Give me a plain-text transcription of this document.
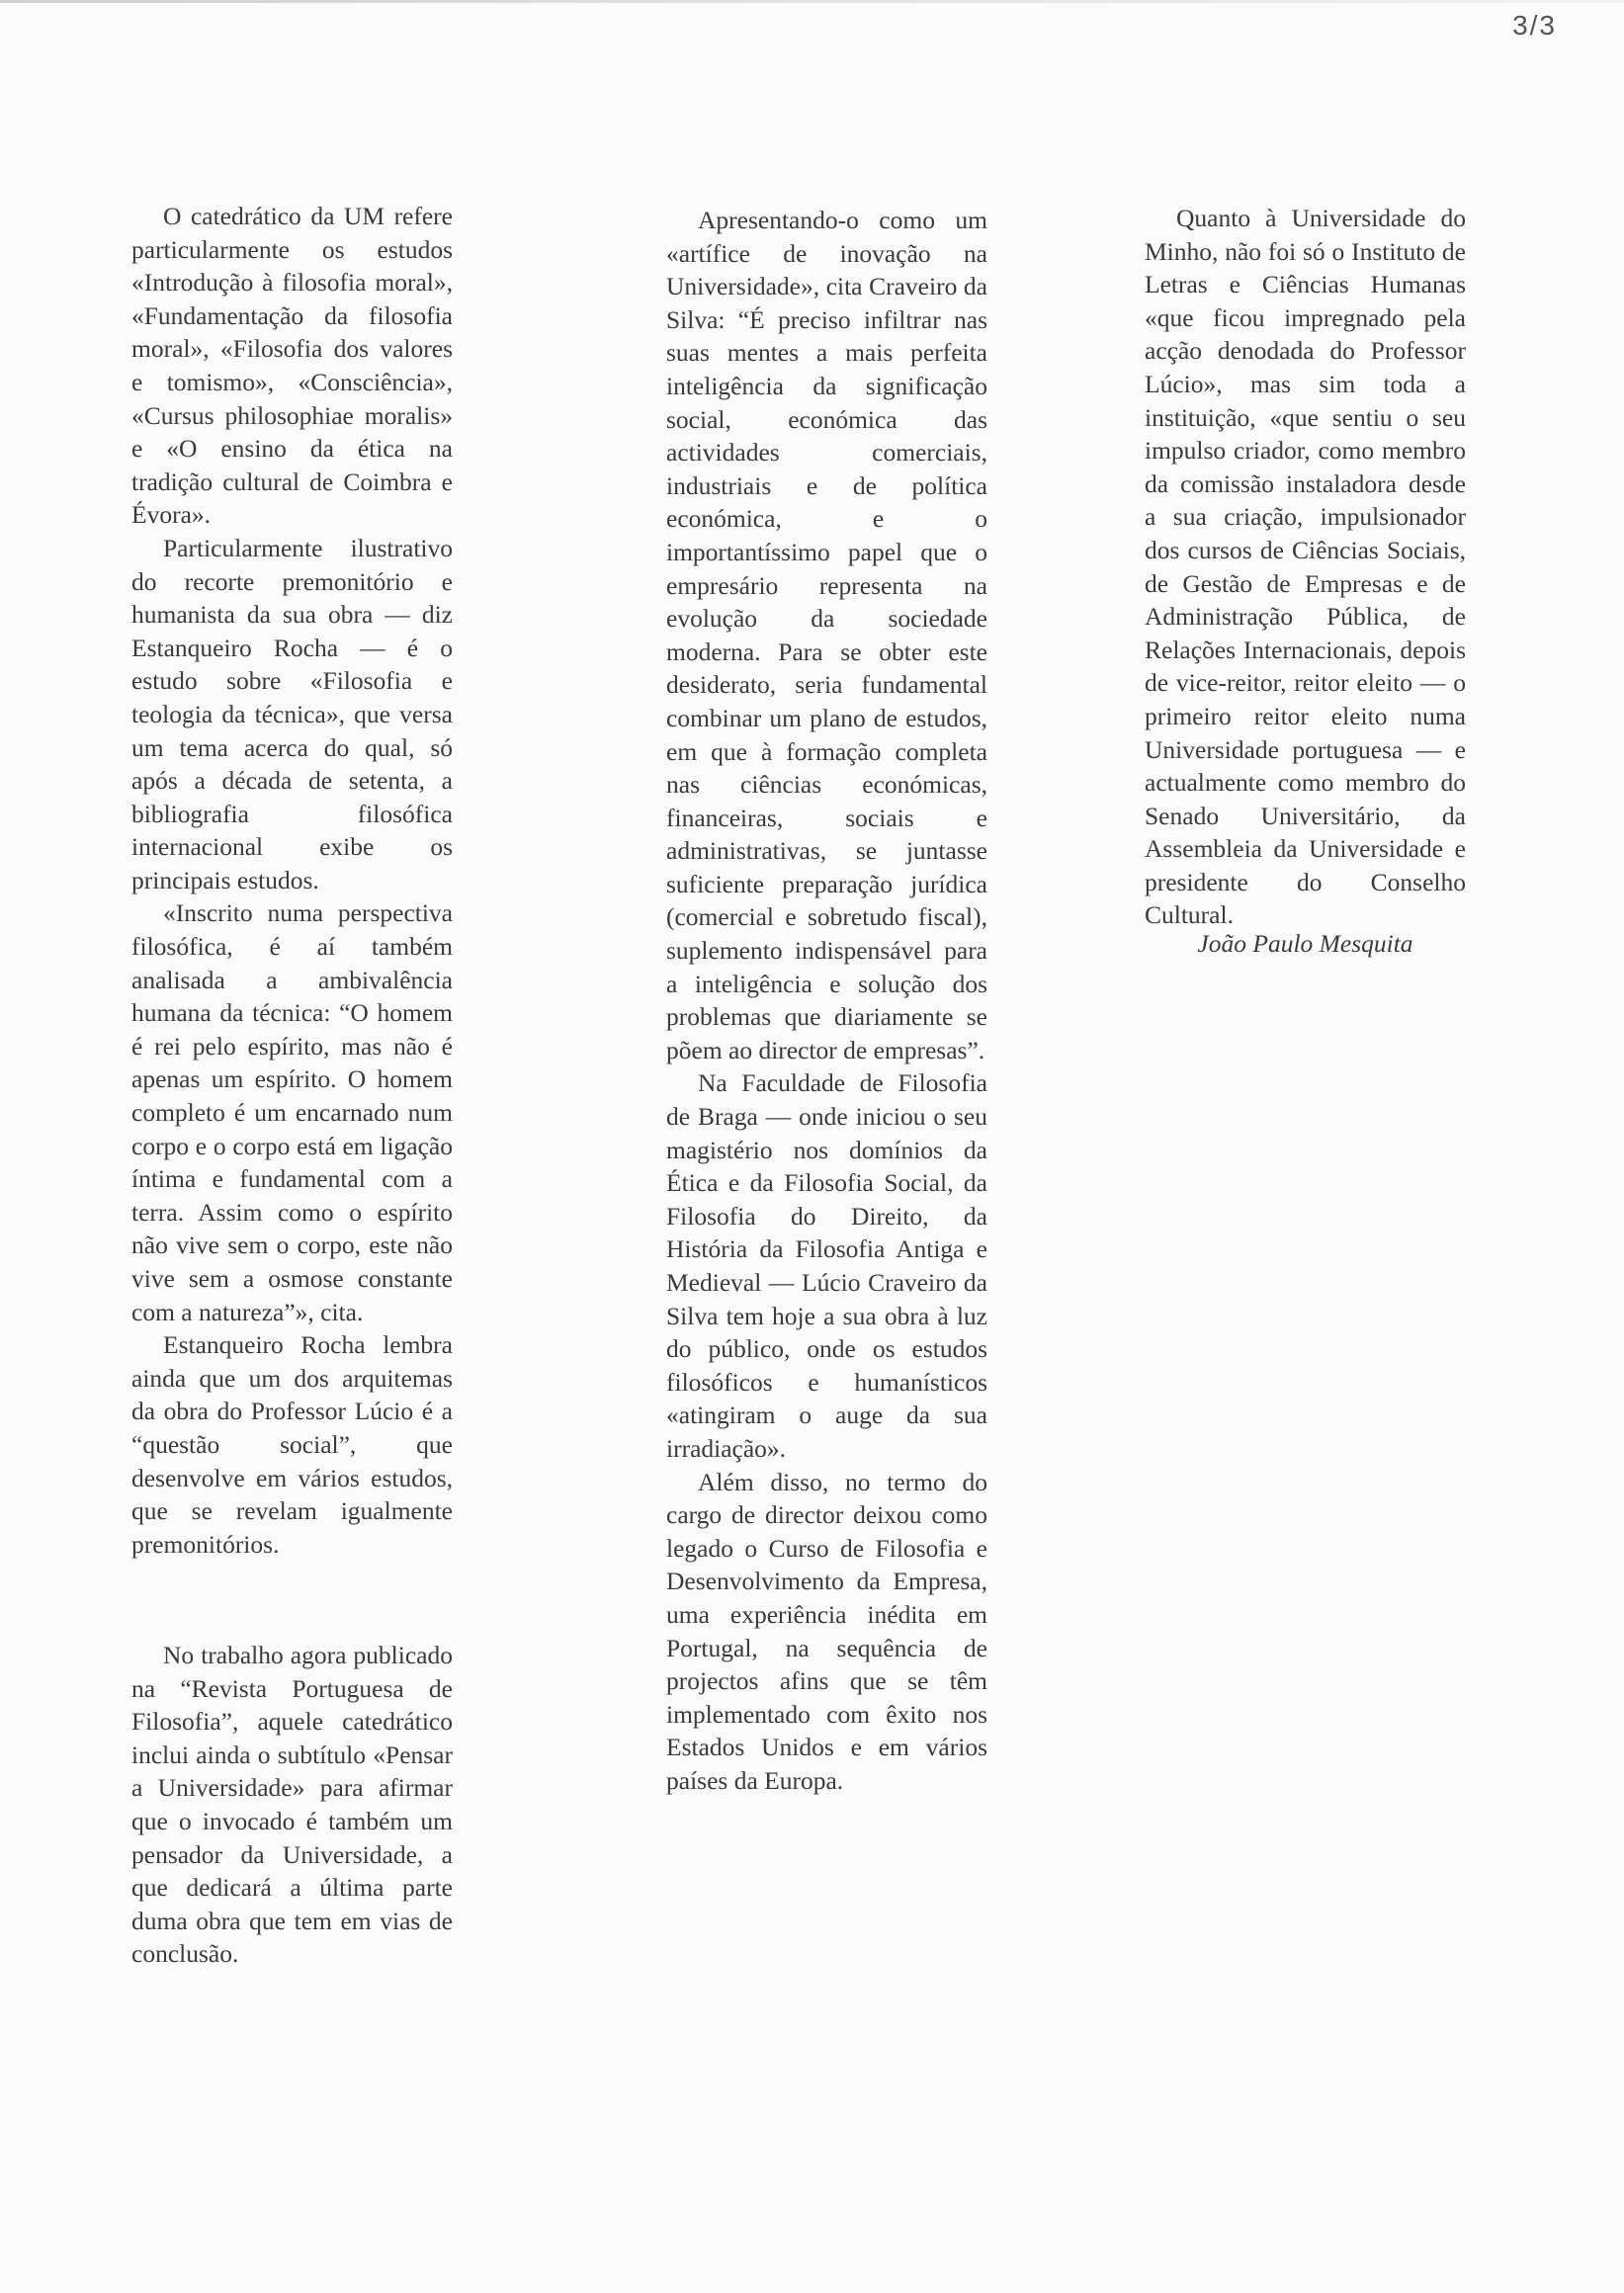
3/3

O catedrático da UM refere particularmente os estudos «Introdução à filosofia moral», «Fundamentação da filosofia moral», «Filosofia dos valores e tomismo», «Consciência», «Cursus philosophiae moralis» e «O ensino da ética na tradição cultural de Coimbra e Évora».

Particularmente ilustrativo do recorte premonitório e humanista da sua obra — diz Estanqueiro Rocha — é o estudo sobre «Filosofia e teologia da técnica», que versa um tema acerca do qual, só após a década de setenta, a bibliografia filosófica internacional exibe os principais estudos.

«Inscrito numa perspectiva filosófica, é aí também analisada a ambivalência humana da técnica: “O homem é rei pelo espírito, mas não é apenas um espírito. O homem completo é um encarnado num corpo e o corpo está em ligação íntima e fundamental com a terra. Assim como o espírito não vive sem o corpo, este não vive sem a osmose constante com a natureza”», cita.

Estanqueiro Rocha lembra ainda que um dos arquitemas da obra do Professor Lúcio é a “questão social”, que desenvolve em vários estudos, que se revelam igualmente premonitórios.

No trabalho agora publicado na “Revista Portuguesa de Filosofia”, aquele catedrático inclui ainda o subtítulo «Pensar a Universidade» para afirmar que o invocado é também um pensador da Universidade, a que dedicará a última parte duma obra que tem em vias de conclusão.

Apresentando-o como um «artífice de inovação na Universidade», cita Craveiro da Silva: “É preciso infiltrar nas suas mentes a mais perfeita inteligência da significação social, económica das actividades comerciais, industriais e de política económica, e o importantíssimo papel que o empresário representa na evolução da sociedade moderna. Para se obter este desiderato, seria fundamental combinar um plano de estudos, em que à formação completa nas ciências económicas, financeiras, sociais e administrativas, se juntasse suficiente preparação jurídica (comercial e sobretudo fiscal), suplemento indispensável para a inteligência e solução dos problemas que diariamente se põem ao director de empresas”.

Na Faculdade de Filosofia de Braga — onde iniciou o seu magistério nos domínios da Ética e da Filosofia Social, da Filosofia do Direito, da História da Filosofia Antiga e Medieval — Lúcio Craveiro da Silva tem hoje a sua obra à luz do público, onde os estudos filosóficos e humanísticos «atingiram o auge da sua irradiação».

Além disso, no termo do cargo de director deixou como legado o Curso de Filosofia e Desenvolvimento da Empresa, uma experiência inédita em Portugal, na sequência de projectos afins que se têm implementado com êxito nos Estados Unidos e em vários países da Europa.

Quanto à Universidade do Minho, não foi só o Instituto de Letras e Ciências Humanas «que ficou impregnado pela acção denodada do Professor Lúcio», mas sim toda a instituição, «que sentiu o seu impulso criador, como membro da comissão instaladora desde a sua criação, impulsionador dos cursos de Ciências Sociais, de Gestão de Empresas e de Administração Pública, de Relações Internacionais, depois de vice-reitor, reitor eleito — o primeiro reitor eleito numa Universidade portuguesa — e actualmente como membro do Senado Universitário, da Assembleia da Universidade e presidente do Conselho Cultural.

João Paulo Mesquita
